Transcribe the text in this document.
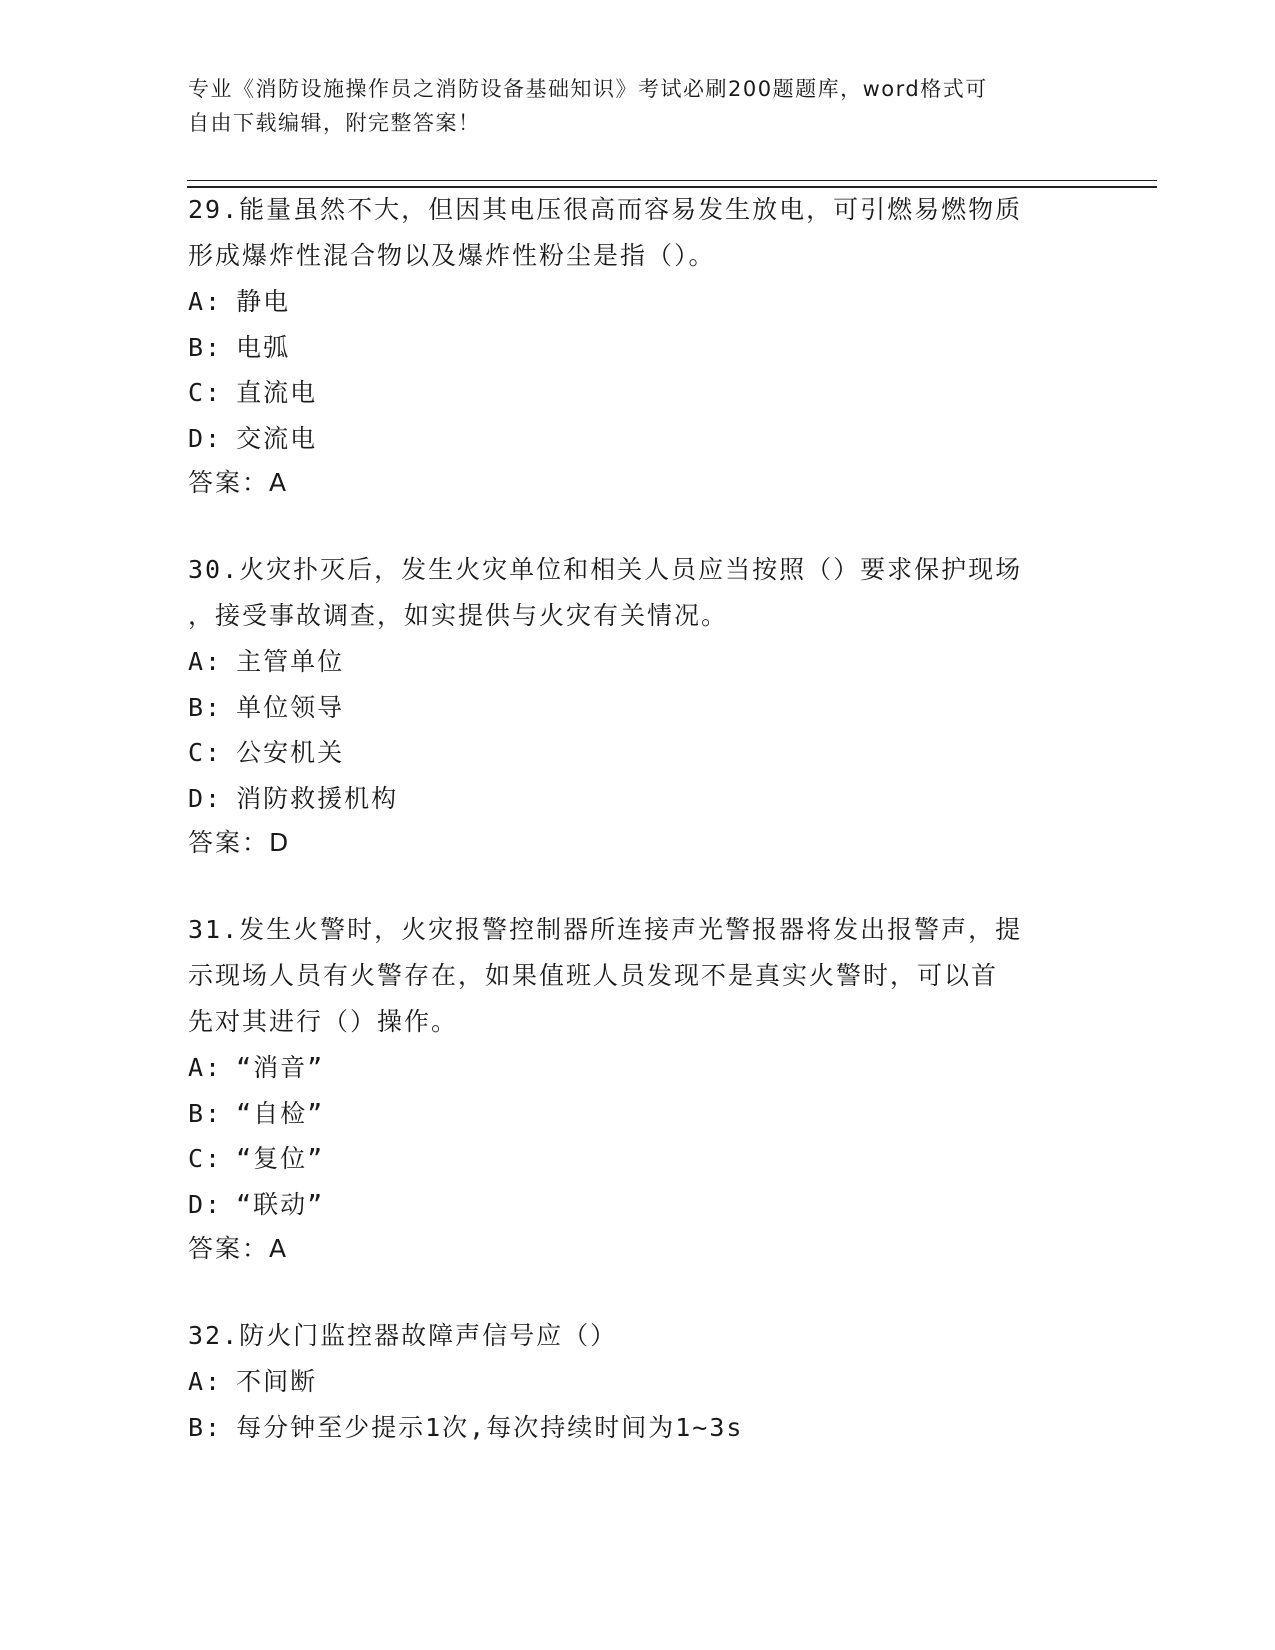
专业《消防设施操作员之消防设备基础知识》考试必刷200题题库，word格式可
自由下载编辑，附完整答案！
29.能量虽然不大，但因其电压很高而容易发生放电，可引燃易燃物质
形成爆炸性混合物以及爆炸性粉尘是指（）。
A: 静电
B: 电弧
C: 直流电
D: 交流电
答案：A
30.火灾扑灭后，发生火灾单位和相关人员应当按照（）要求保护现场
，接受事故调查，如实提供与火灾有关情况。
A: 主管单位
B: 单位领导
C: 公安机关
D: 消防救援机构
答案：D
31.发生火警时，火灾报警控制器所连接声光警报器将发出报警声，提
示现场人员有火警存在，如果值班人员发现不是真实火警时，可以首
先对其进行（）操作。
A: “消音”
B: “自检”
C: “复位”
D: “联动”
答案：A
32.防火门监控器故障声信号应（）
A: 不间断
B: 每分钟至少提示1次,每次持续时间为1~3s
